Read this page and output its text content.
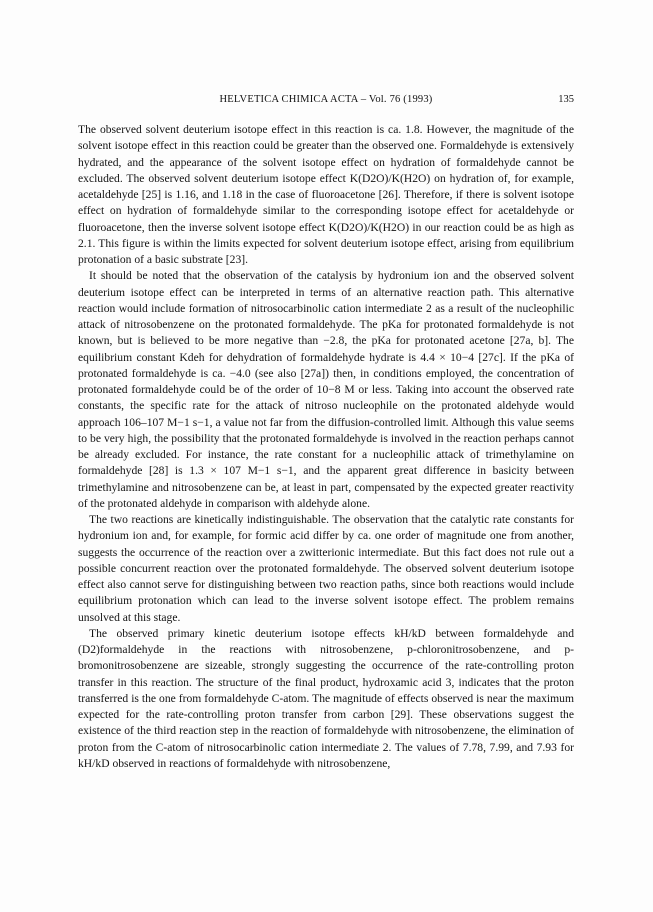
HELVETICA CHIMICA ACTA – Vol. 76 (1993)	135

The observed solvent deuterium isotope effect in this reaction is ca. 1.8. However, the magnitude of the solvent isotope effect in this reaction could be greater than the observed one. Formaldehyde is extensively hydrated, and the appearance of the solvent isotope effect on hydration of formaldehyde cannot be excluded. The observed solvent deuterium isotope effect K(D2O)/K(H2O) on hydration of, for example, acetaldehyde [25] is 1.16, and 1.18 in the case of fluoroacetone [26]. Therefore, if there is solvent isotope effect on hydration of formaldehyde similar to the corresponding isotope effect for acetaldehyde or fluoroacetone, then the inverse solvent isotope effect K(D2O)/K(H2O) in our reaction could be as high as 2.1. This figure is within the limits expected for solvent deuterium isotope effect, arising from equilibrium protonation of a basic substrate [23].

It should be noted that the observation of the catalysis by hydronium ion and the observed solvent deuterium isotope effect can be interpreted in terms of an alternative reaction path. This alternative reaction would include formation of nitrosocarbinolic cation intermediate 2 as a result of the nucleophilic attack of nitrosobenzene on the protonated formaldehyde. The pKa for protonated formaldehyde is not known, but is believed to be more negative than −2.8, the pKa for protonated acetone [27a, b]. The equilibrium constant Kdeh for dehydration of formaldehyde hydrate is 4.4 × 10−4 [27c]. If the pKa of protonated formaldehyde is ca. −4.0 (see also [27a]) then, in conditions employed, the concentration of protonated formaldehyde could be of the order of 10−8 M or less. Taking into account the observed rate constants, the specific rate for the attack of nitroso nucleophile on the protonated aldehyde would approach 106–107 M−1 s−1, a value not far from the diffusion-controlled limit. Although this value seems to be very high, the possibility that the protonated formaldehyde is involved in the reaction perhaps cannot be already excluded. For instance, the rate constant for a nucleophilic attack of trimethylamine on formaldehyde [28] is 1.3 × 107 M−1 s−1, and the apparent great difference in basicity between trimethylamine and nitrosobenzene can be, at least in part, compensated by the expected greater reactivity of the protonated aldehyde in comparison with aldehyde alone.

The two reactions are kinetically indistinguishable. The observation that the catalytic rate constants for hydronium ion and, for example, for formic acid differ by ca. one order of magnitude one from another, suggests the occurrence of the reaction over a zwitterionic intermediate. But this fact does not rule out a possible concurrent reaction over the protonated formaldehyde. The observed solvent deuterium isotope effect also cannot serve for distinguishing between two reaction paths, since both reactions would include equilibrium protonation which can lead to the inverse solvent isotope effect. The problem remains unsolved at this stage.

The observed primary kinetic deuterium isotope effects kH/kD between formaldehyde and (D2)formaldehyde in the reactions with nitrosobenzene, p-chloronitrosobenzene, and p-bromonitrosobenzene are sizeable, strongly suggesting the occurrence of the rate-controlling proton transfer in this reaction. The structure of the final product, hydroxamic acid 3, indicates that the proton transferred is the one from formaldehyde C-atom. The magnitude of effects observed is near the maximum expected for the rate-controlling proton transfer from carbon [29]. These observations suggest the existence of the third reaction step in the reaction of formaldehyde with nitrosobenzene, the elimination of proton from the C-atom of nitrosocarbinolic cation intermediate 2. The values of 7.78, 7.99, and 7.93 for kH/kD observed in reactions of formaldehyde with nitrosobenzene,
